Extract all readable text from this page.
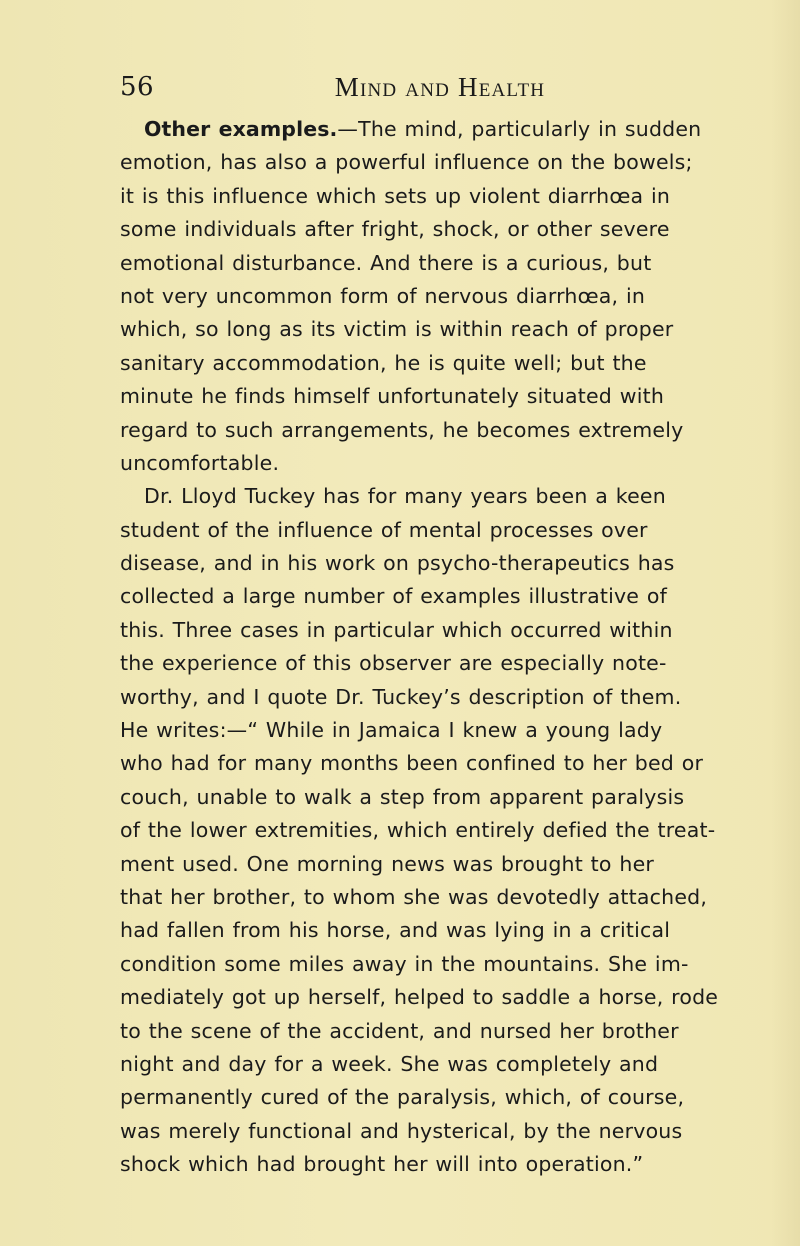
56	Mind and Health
Other examples.—The mind, particularly in sudden
emotion, has also a powerful influence on the bowels;
it is this influence which sets up violent diarrhœa in
some individuals after fright, shock, or other severe
emotional disturbance. And there is a curious, but
not very uncommon form of nervous diarrhœa, in
which, so long as its victim is within reach of proper
sanitary accommodation, he is quite well; but the
minute he finds himself unfortunately situated with
regard to such arrangements, he becomes extremely
uncomfortable.
Dr. Lloyd Tuckey has for many years been a keen
student of the influence of mental processes over
disease, and in his work on psycho-therapeutics has
collected a large number of examples illustrative of
this. Three cases in particular which occurred within
the experience of this observer are especially note-
worthy, and I quote Dr. Tuckey’s description of them.
He writes:—“ While in Jamaica I knew a young lady
who had for many months been confined to her bed or
couch, unable to walk a step from apparent paralysis
of the lower extremities, which entirely defied the treat-
ment used. One morning news was brought to her
that her brother, to whom she was devotedly attached,
had fallen from his horse, and was lying in a critical
condition some miles away in the mountains. She im-
mediately got up herself, helped to saddle a horse, rode
to the scene of the accident, and nursed her brother
night and day for a week. She was completely and
permanently cured of the paralysis, which, of course,
was merely functional and hysterical, by the nervous
shock which had brought her will into operation.”
